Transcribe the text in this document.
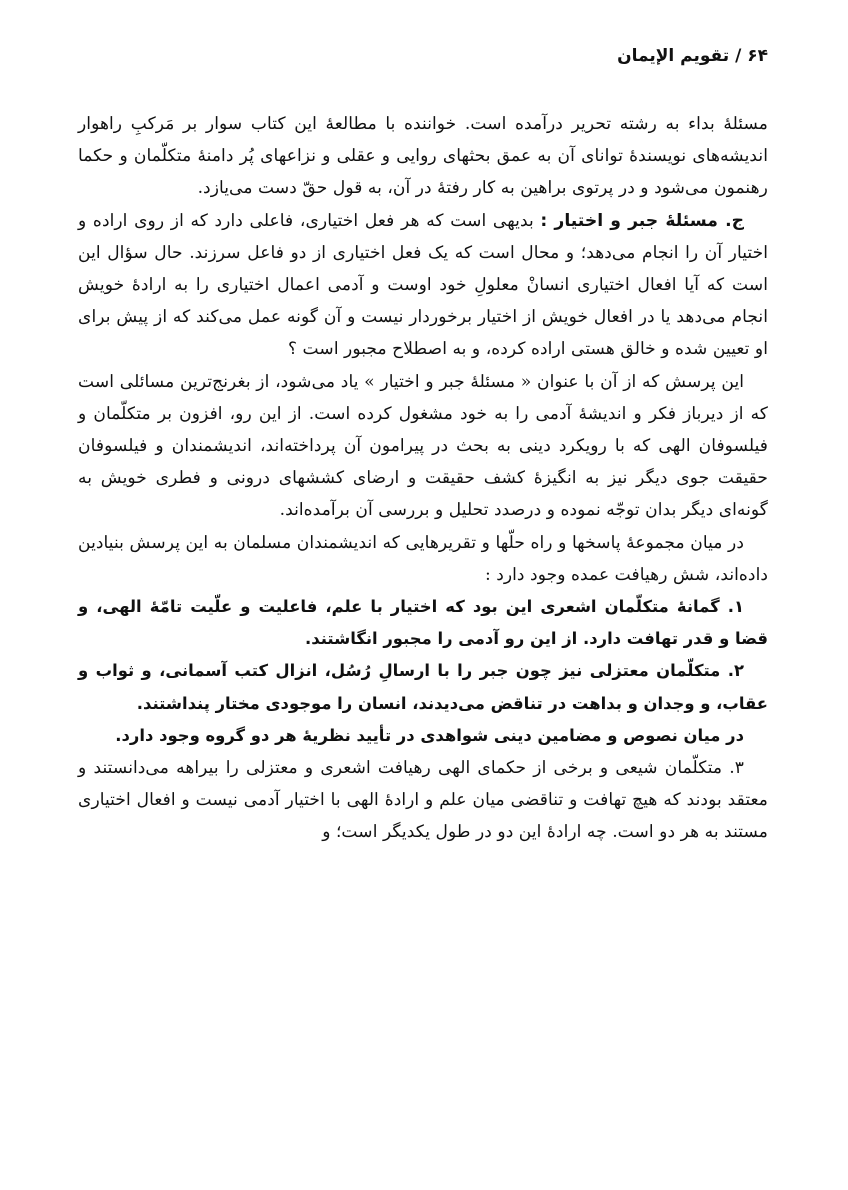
۶۴ / تقویم الإیمان

مسئلهٔ بداء به رشته تحریر درآمده است. خواننده با مطالعهٔ این کتاب سوار بر مَرکبِ راهوار اندیشه‌های نویسندهٔ توانای آن به عمق بحثهای روایی و عقلی و نزاعهای پُر دامنهٔ متکلّمان و حکما رهنمون می‌شود و در پرتوی براهین به کار رفتهٔ در آن، به قول حقّ دست می‌یازد.

ج. مسئلهٔ جبر و اختیار : بدیهی است که هر فعل اختیاری، فاعلی دارد که از روی اراده و اختیار آن را انجام می‌دهد؛ و محال است که یک فعل اختیاری از دو فاعل سرزند. حال سؤال این است که آیا افعال اختیاری انسانْ معلولِ خود اوست و آدمی اعمال اختیاری را به ارادهٔ خویش انجام می‌دهد یا در افعال خویش از اختیار برخوردار نیست و آن گونه عمل می‌کند که از پیش برای او تعیین شده و خالق هستی اراده کرده، و به اصطلاح مجبور است ؟

این پرسش که از آن با عنوان « مسئلهٔ جبر و اختیار » یاد می‌شود، از بغرنج‌ترین مسائلی است که از دیرباز فکر و اندیشهٔ آدمی را به خود مشغول کرده است. از این رو، افزون بر متکلّمان و فیلسوفان الهی که با رویکرد دینی به بحث در پیرامون آن پرداخته‌اند، اندیشمندان و فیلسوفان حقیقت جوی دیگر نیز به انگیزهٔ کشف حقیقت و ارضای کششهای درونی و فطری خویش به گونه‌ای دیگر بدان توجّه نموده و درصدد تحلیل و بررسی آن برآمده‌اند.

در میان مجموعهٔ پاسخها و راه حلّها و تقریرهایی که اندیشمندان مسلمان به این پرسش بنیادین داده‌اند، شش رهیافت عمده وجود دارد :

۱. گمانهٔ متکلّمان اشعری این بود که اختیار با علم، فاعلیت و علّیت تامّهٔ الهی، و قضا و قدر تهافت دارد. از این رو آدمی را مجبور انگاشتند.

۲. متکلّمان معتزلی نیز چون جبر را با ارسالِ رُسُل، انزال کتب آسمانی، و ثواب و عقاب، و وجدان و بداهت در تناقض می‌دیدند، انسان را موجودی مختار پنداشتند.

در میان نصوص و مضامین دینی شواهدی در تأیید نظریهٔ هر دو گروه وجود دارد.

۳. متکلّمان شیعی و برخی از حکمای الهی رهیافت اشعری و معتزلی را بیراهه می‌دانستند و معتقد بودند که هیچ تهافت و تناقضی میان علم و ارادهٔ الهی با اختیار آدمی نیست و افعال اختیاری مستند به هر دو است. چه ارادهٔ این دو در طول یکدیگر است؛ و
